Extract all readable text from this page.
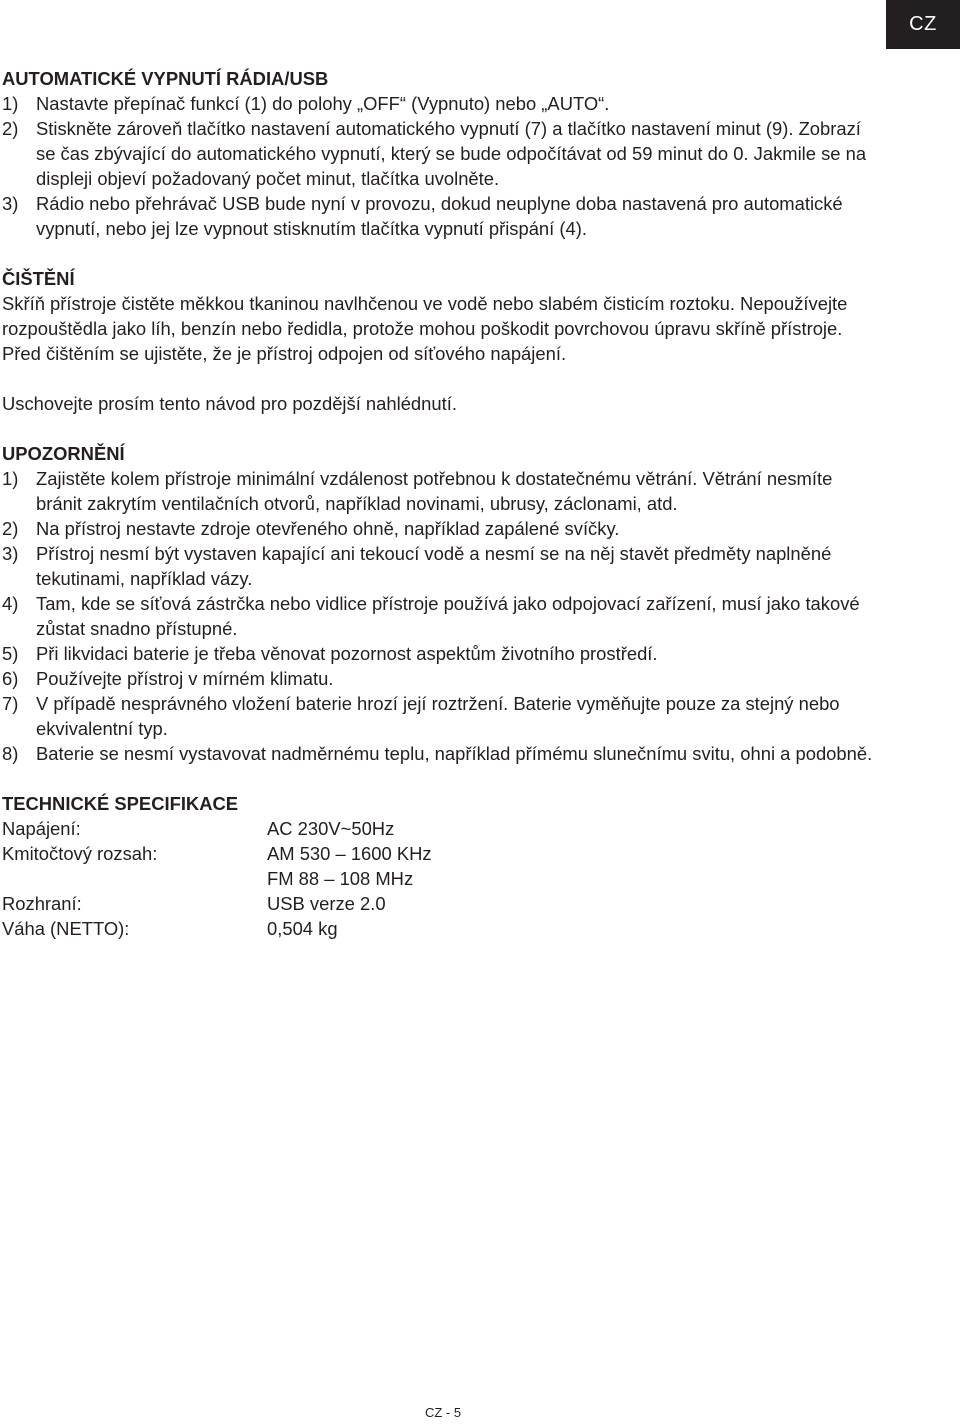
CZ

AUTOMATICKÉ VYPNUTÍ RÁDIA/USB

1) Nastavte přepínač funkcí (1) do polohy „OFF“ (Vypnuto) nebo „AUTO“.
2) Stiskněte zároveň tlačítko nastavení automatického vypnutí (7) a tlačítko nastavení minut (9). Zobrazí se čas zbývající do automatického vypnutí, který se bude odpočítávat od 59 minut do 0. Jakmile se na displeji objeví požadovaný počet minut, tlačítka uvolněte.
3) Rádio nebo přehrávač USB bude nyní v provozu, dokud neuplyne doba nastavená pro automatické vypnutí, nebo jej lze vypnout stisknutím tlačítka vypnutí přispání (4).

ČIŠTĚNÍ

Skříň přístroje čistěte měkkou tkaninou navlhčenou ve vodě nebo slabém čisticím roztoku. Nepoužívejte rozpouštědla jako líh, benzín nebo ředidla, protože mohou poškodit povrchovou úpravu skříně přístroje. Před čištěním se ujistěte, že je přístroj odpojen od síťového napájení.

Uschovejte prosím tento návod pro pozdější nahlédnutí.

UPOZORNĚNÍ

1) Zajistěte kolem přístroje minimální vzdálenost potřebnou k dostatečnému větrání. Větrání nesmíte bránit zakrytím ventilačních otvorů, například novinami, ubrusy, záclonami, atd.
2) Na přístroj nestavte zdroje otevřeného ohně, například zapálené svíčky.
3) Přístroj nesmí být vystaven kapající ani tekoucí vodě a nesmí se na něj stavět předměty naplněné tekutinami, například vázy.
4) Tam, kde se síťová zástrčka nebo vidlice přístroje používá jako odpojovací zařízení, musí jako takové zůstat snadno přístupné.
5) Při likvidaci baterie je třeba věnovat pozornost aspektům životního prostředí.
6) Používejte přístroj v mírném klimatu.
7) V případě nesprávného vložení baterie hrozí její roztržení. Baterie vyměňujte pouze za stejný nebo ekvivalentní typ.
8) Baterie se nesmí vystavovat nadměrnému teplu, například přímému slunečnímu svitu, ohni a podobně.

TECHNICKÉ SPECIFIKACE

Napájení:	AC 230V~50Hz
Kmitočtový rozsah:	AM 530 – 1600 KHz
FM 88 – 108 MHz
Rozhraní:	USB verze 2.0
Váha (NETTO):	0,504 kg
CZ - 5
